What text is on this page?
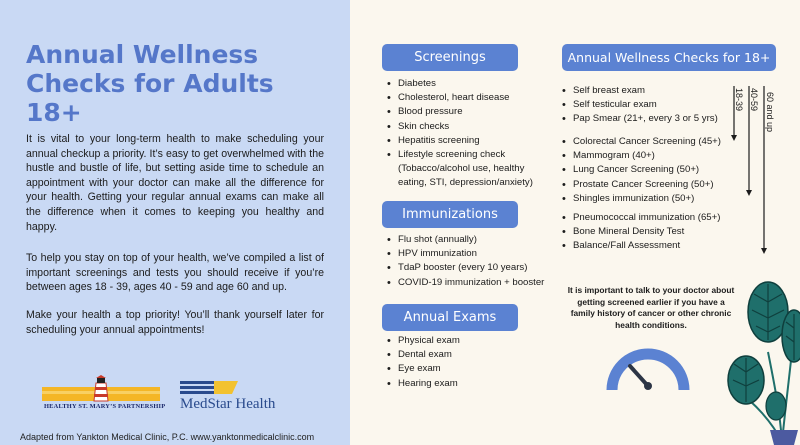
Annual Wellness
Checks for Adults 18+

It is vital to your long-term health to make scheduling your annual checkup a priority. It’s easy to get overwhelmed with the hustle and bustle of life, but setting aside time to schedule an appointment with your doctor can make all the difference for your health. Getting your regular annual exams can make all the difference when it comes to keeping you healthy and happy.

To help you stay on top of your health, we’ve compiled a list of important screenings and tests you should receive if you’re between ages 18 - 39, ages 40 - 59 and age 60 and up.

Make your health a top priority! You’ll thank yourself later for scheduling your annual appointments!

HEALTHY ST. MARY’S PARTNERSHIP MedStar Health
Adapted from Yankton Medical Clinic, P.C. www.yanktonmedicalclinic.com
Screenings
• Diabetes
• Cholesterol, heart disease
• Blood pressure
• Skin checks
• Hepatitis screening
• Lifestyle screening check (Tobacco/alcohol use, healthy eating, STI, depression/anxiety)
Immunizations
• Flu shot (annually)
• HPV immunization
• TdaP booster (every 10 years)
• COVID-19 immunization + booster
Annual Exams
• Physical exam
• Dental exam
• Eye exam
• Hearing exam
Annual Wellness Checks for 18+
• Self breast exam
• Self testicular exam
• Pap Smear (21+, every 3 or 5 yrs)
• Colorectal Cancer Screening (45+)
• Mammogram (40+)
• Lung Cancer Screening (50+)
• Prostate Cancer Screening (50+)
• Shingles immunization (50+)
• Pneumococcal immunization (65+)
• Bone Mineral Density Test
• Balance/Fall Assessment
18-39 40-59 60 and up

It is important to talk to your doctor about getting screened earlier if you have a family history of cancer or other chronic health conditions.
